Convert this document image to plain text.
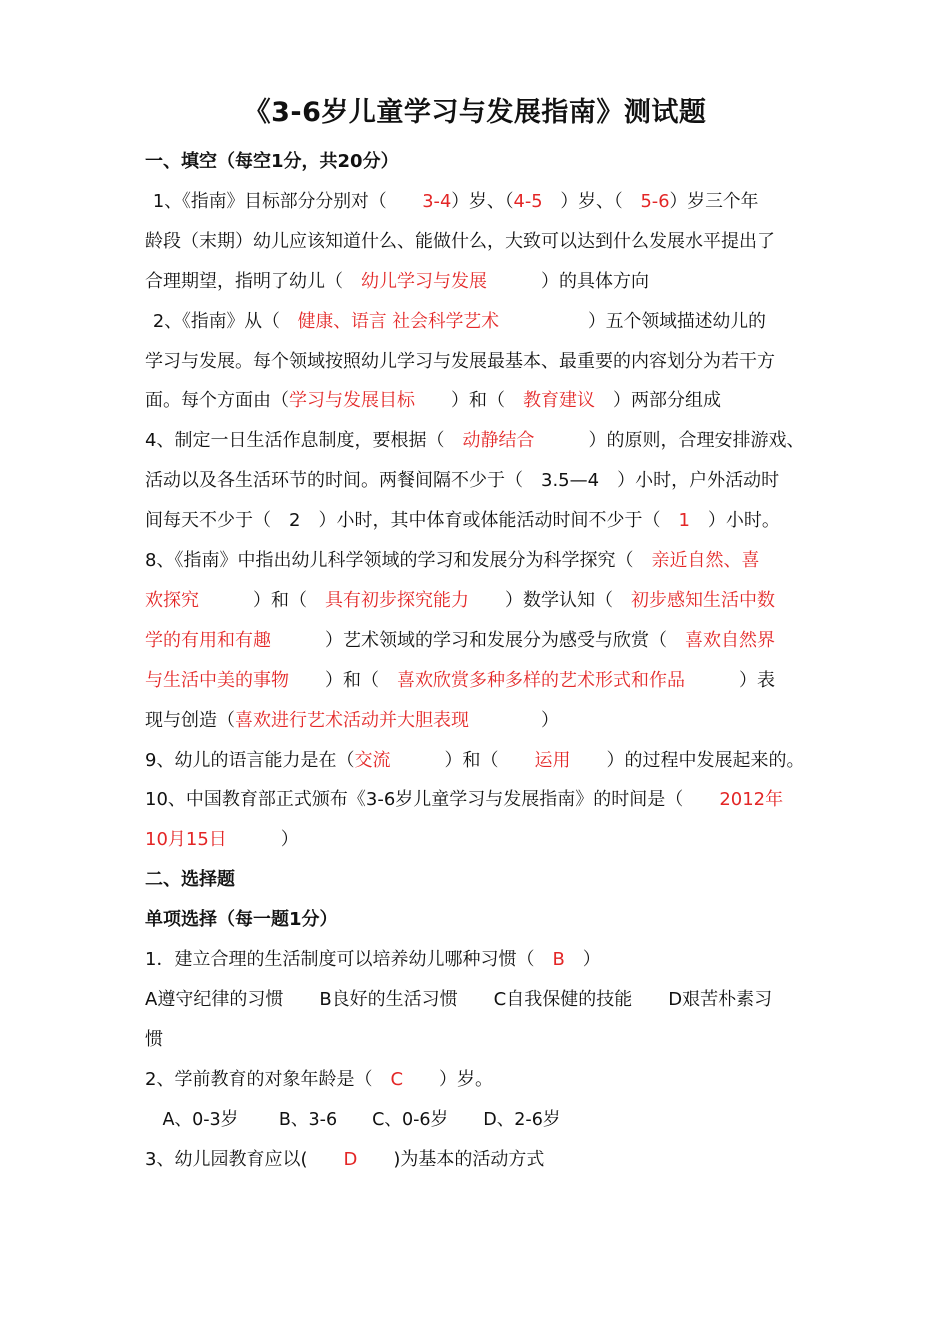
《3-6岁儿童学习与发展指南》测试题
一、填空（每空1分，共20分）
1、《指南》目标部分分别对（　　3-4）岁、（4-5　）岁、（　5-6）岁三个年
龄段（末期）幼儿应该知道什么、能做什么，大致可以达到什么发展水平提出了
合理期望，指明了幼儿（　幼儿学习与发展　　　）的具体方向
2、《指南》从（　健康、语言 社会科学艺术　　　　　）五个领域描述幼儿的
学习与发展。每个领域按照幼儿学习与发展最基本、最重要的内容划分为若干方
面。每个方面由（学习与发展目标　　）和（　教育建议　）两部分组成
4、制定一日生活作息制度，要根据（　动静结合　　　）的原则，合理安排游戏、
活动以及各生活环节的时间。两餐间隔不少于（　3.5—4　）小时，户外活动时
间每天不少于（　2　）小时，其中体育或体能活动时间不少于（　1　）小时。
8、《指南》中指出幼儿科学领域的学习和发展分为科学探究（　亲近自然、喜
欢探究　　　）和（　具有初步探究能力　　）数学认知（　初步感知生活中数
学的有用和有趣　　　）艺术领域的学习和发展分为感受与欣赏（　喜欢自然界
与生活中美的事物　　）和（　喜欢欣赏多种多样的艺术形式和作品　　　）表
现与创造（喜欢进行艺术活动并大胆表现　　　　）
9、幼儿的语言能力是在（交流　　　）和（　　运用　　）的过程中发展起来的。
10、中国教育部正式颁布《3-6岁儿童学习与发展指南》的时间是（　　2012年
10月15日　　　）
二、选择题
单项选择（每一题1分）
1．建立合理的生活制度可以培养幼儿哪种习惯（　B　）
A遵守纪律的习惯　　B良好的生活习惯　　C自我保健的技能　　D艰苦朴素习
惯
2、学前教育的对象年龄是（　C　　）岁。
A、0-3岁　　 B、3-6　　C、0-6岁　　D、2-6岁
3、幼儿园教育应以(　　D　　)为基本的活动方式
